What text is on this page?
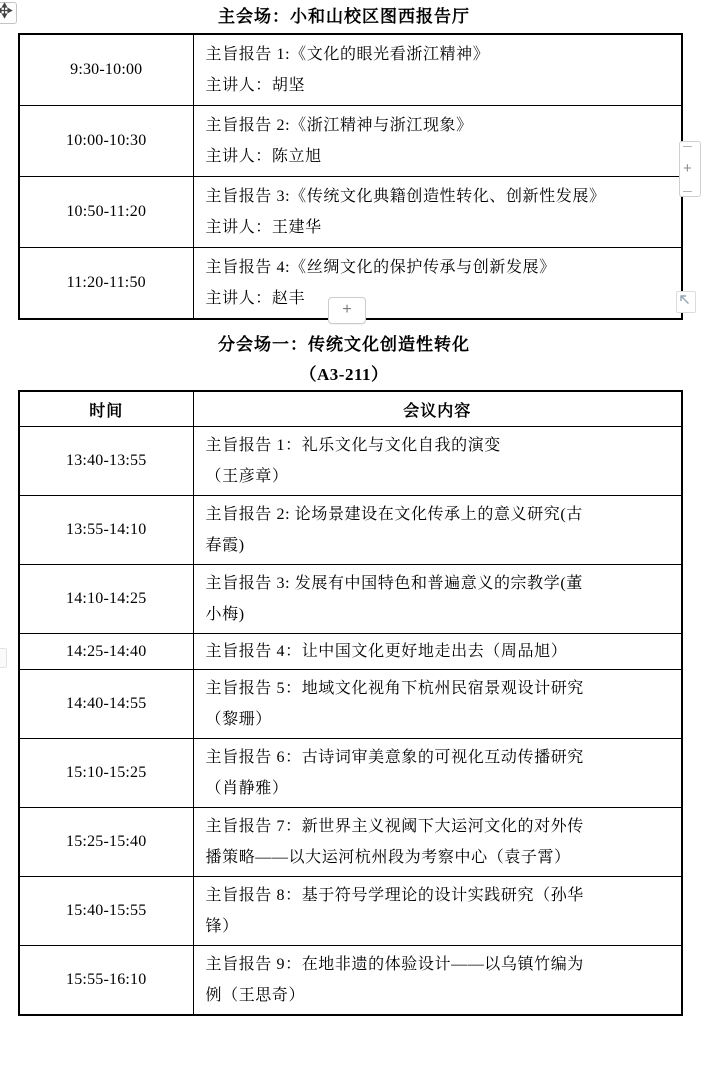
主会场：小和山校区图西报告厅
9:30-10:00	主旨报告 1:《文化的眼光看浙江精神》
主讲人：胡坚

10:00-10:30	主旨报告 2:《浙江精神与浙江现象》
主讲人：陈立旭

10:50-11:20	主旨报告 3:《传统文化典籍创造性转化、创新性发展》
主讲人：王建华

11:20-11:50	主旨报告 4:《丝绸文化的保护传承与创新发展》
主讲人：赵丰
+
+
分会场一：传统文化创造性转化
（A3-211）
时间	会议内容
13:40-13:55	主旨报告 1：礼乐文化与文化自我的演变
（王彦章）

13:55-14:10	主旨报告 2: 论场景建设在文化传承上的意义研究(古
春霞)

14:10-14:25	主旨报告 3: 发展有中国特色和普遍意义的宗教学(董
小梅)

14:25-14:40	主旨报告 4：让中国文化更好地走出去（周品旭）

14:40-14:55	主旨报告 5：地域文化视角下杭州民宿景观设计研究
（黎珊）

15:10-15:25	主旨报告 6：古诗词审美意象的可视化互动传播研究
（肖静雅）

15:25-15:40	主旨报告 7：新世界主义视阈下大运河文化的对外传
播策略——以大运河杭州段为考察中心（袁子霄）

15:40-15:55	主旨报告 8：基于符号学理论的设计实践研究（孙华
锋）

15:55-16:10	主旨报告 9：在地非遗的体验设计——以乌镇竹编为
例（王思奇）
